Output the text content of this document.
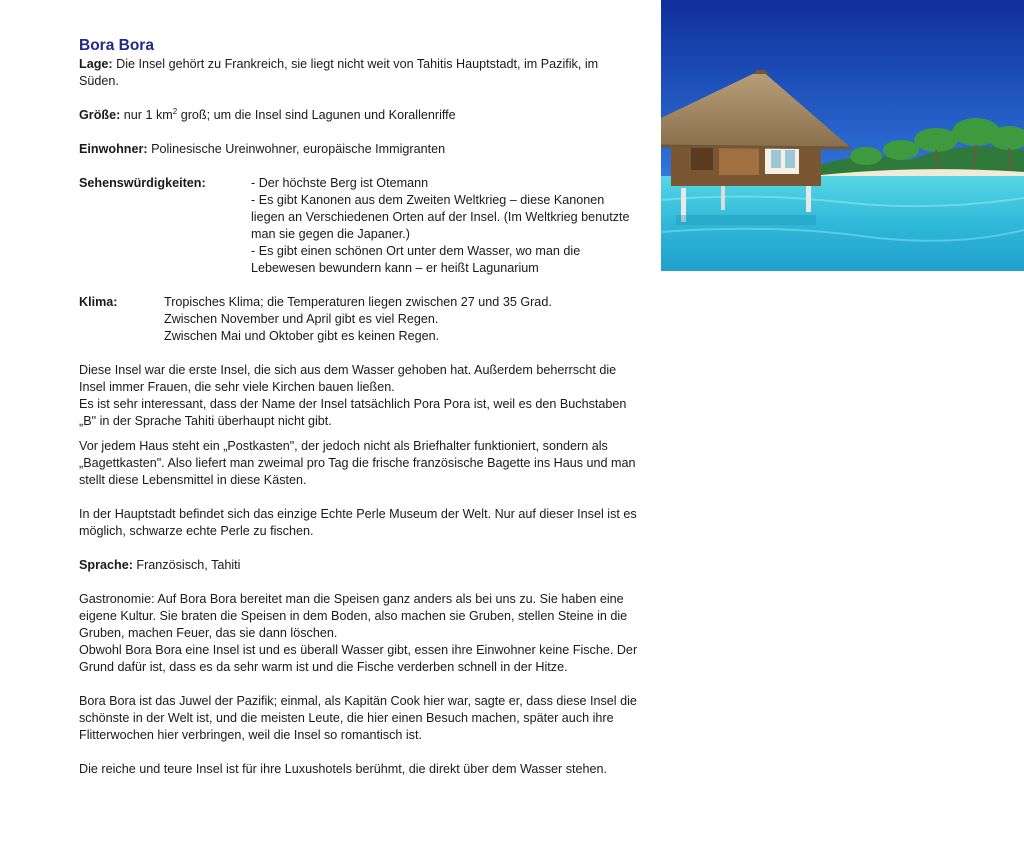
Bora Bora

Lage: Die Insel gehört zu Frankreich, sie liegt nicht weit von Tahitis Hauptstadt, im Pazifik, im Süden.

Größe: nur 1 $km^2$ groß; um die Insel sind Lagunen und Korallenriffe

Einwohner: Polinesische Ureinwohner, europäische Immigranten

Sehenswürdigkeiten:	- Der höchste Berg ist Otemann

- Es gibt Kanonen aus dem Zweiten Weltkrieg – diese Kanonen liegen an Verschiedenen Orten auf der Insel. (Im Weltkrieg benutzte man sie gegen die Japaner.)

- Es gibt einen schönen Ort unter dem Wasser, wo man die Lebewesen bewundern kann – er heißt Lagunarium

Klima:	Tropisches Klima; die Temperaturen liegen zwischen 27 und 35 Grad.

Zwischen November und April gibt es viel Regen.

Zwischen Mai und Oktober gibt es keinen Regen.

Diese Insel war die erste Insel, die sich aus dem Wasser gehoben hat. Außerdem beherrscht die Insel immer Frauen, die sehr viele Kirchen bauen ließen.

Es ist sehr interessant, dass der Name der Insel tatsächlich Pora Pora ist, weil es den Buchstaben „B" in der Sprache Tahiti überhaupt nicht gibt.

Vor jedem Haus steht ein „Postkasten", der jedoch nicht als Briefhalter funktioniert, sondern als „Bagettkasten". Also liefert man zweimal pro Tag die frische französische Bagette ins Haus und man stellt diese Lebensmittel in diese Kästen.

In der Hauptstadt befindet sich das einzige Echte Perle Museum der Welt. Nur auf dieser Insel ist es möglich, schwarze echte Perle zu fischen.

Sprache: Französisch, Tahiti

Gastronomie: Auf Bora Bora bereitet man die Speisen ganz anders als bei uns zu. Sie haben eine eigene Kultur. Sie braten die Speisen in dem Boden, also machen sie Gruben, stellen Steine in die Gruben, machen Feuer, das sie dann löschen.

Obwohl Bora Bora eine Insel ist und es überall Wasser gibt, essen ihre Einwohner keine Fische. Der Grund dafür ist, dass es da sehr warm ist und die Fische verderben schnell in der Hitze.

Bora Bora ist das Juwel der Pazifik; einmal, als Kapitän Cook hier war, sagte er, dass diese Insel die schönste in der Welt ist, und die meisten Leute, die hier einen Besuch machen, später auch ihre Flitterwochen hier verbringen, weil die Insel so romantisch ist.

Die reiche und teure Insel ist für ihre Luxushotels berühmt, die direkt über dem Wasser stehen.
